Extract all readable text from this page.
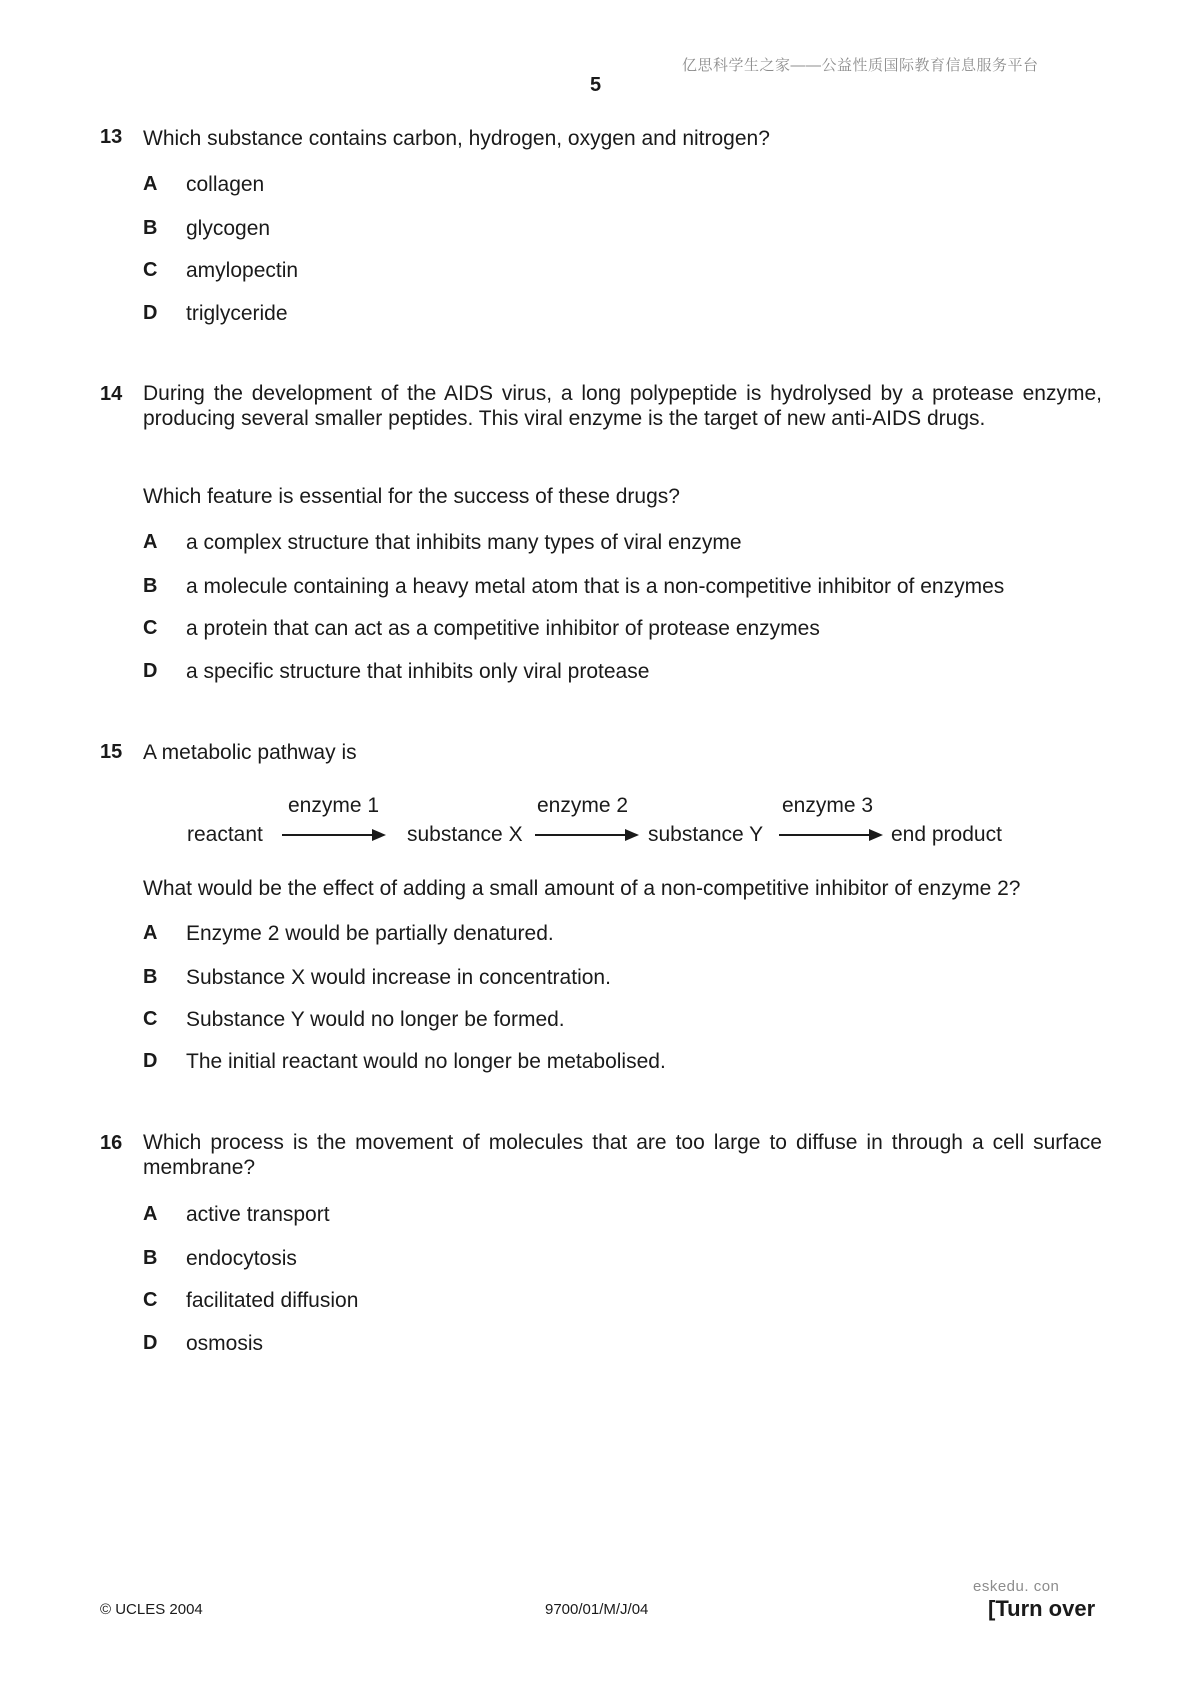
亿思科学生之家——公益性质国际教育信息服务平台
5
13 Which substance contains carbon, hydrogen, oxygen and nitrogen?
A collagen
B glycogen
C amylopectin
D triglyceride
14 During the development of the AIDS virus, a long polypeptide is hydrolysed by a protease enzyme, producing several smaller peptides. This viral enzyme is the target of new anti-AIDS drugs.
Which feature is essential for the success of these drugs?
A a complex structure that inhibits many types of viral enzyme
B a molecule containing a heavy metal atom that is a non-competitive inhibitor of enzymes
C a protein that can act as a competitive inhibitor of protease enzymes
D a specific structure that inhibits only viral protease
15 A metabolic pathway is
enzyme 1	enzyme 2	enzyme 3
reactant	substance X	substance Y	end product
What would be the effect of adding a small amount of a non-competitive inhibitor of enzyme 2?
A Enzyme 2 would be partially denatured.
B Substance X would increase in concentration.
C Substance Y would no longer be formed.
D The initial reactant would no longer be metabolised.
16 Which process is the movement of molecules that are too large to diffuse in through a cell surface membrane?
A active transport
B endocytosis
C facilitated diffusion
D osmosis
eskedu. con
© UCLES 2004	9700/01/M/J/04	[Turn over
